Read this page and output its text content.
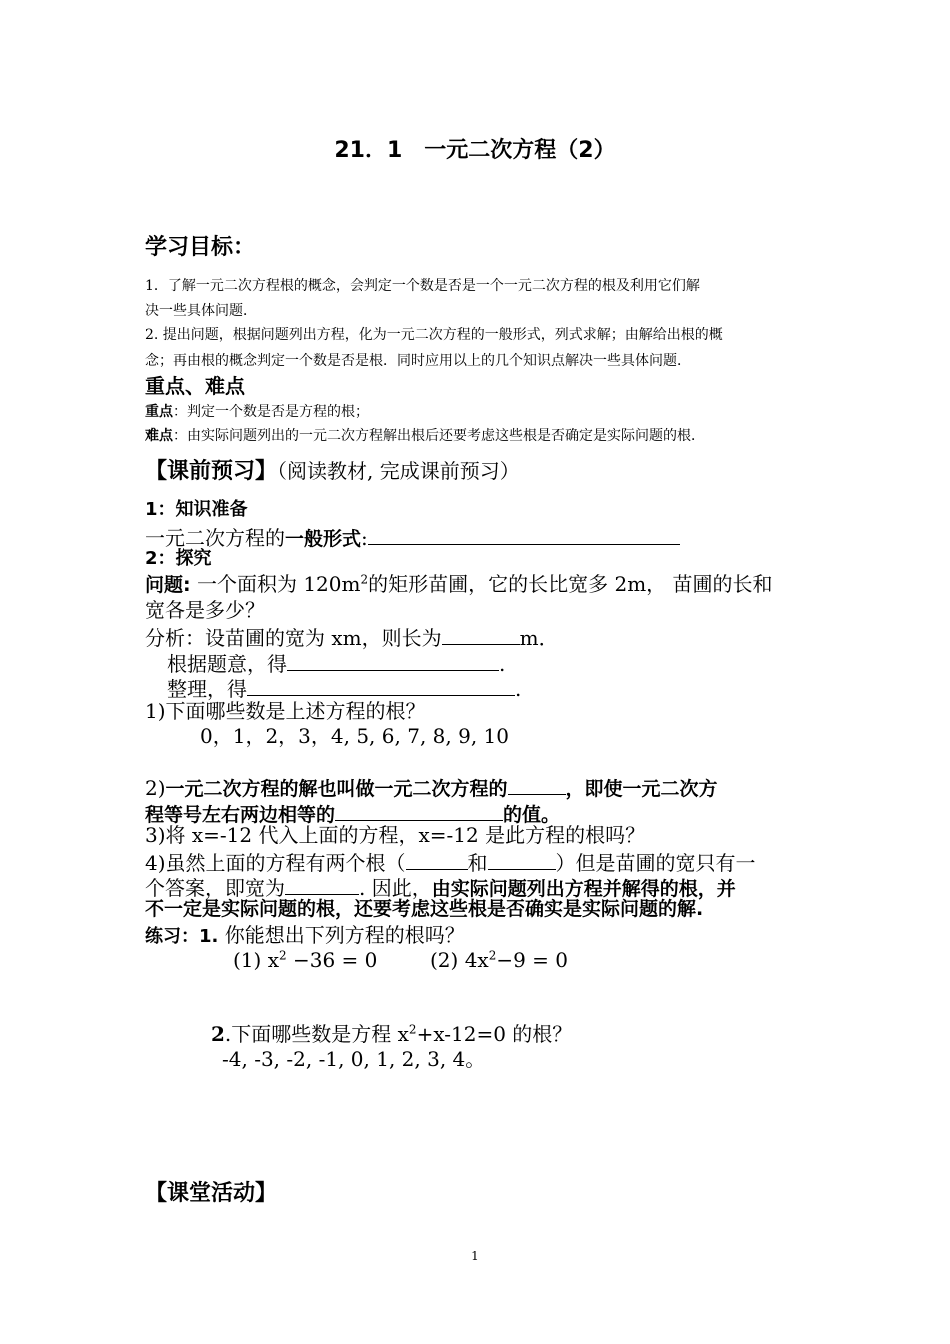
21．1　一元二次方程（2）
学习目标：
1．了解一元二次方程根的概念，会判定一个数是否是一个一元二次方程的根及利用它们解
决一些具体问题．
2. 提出问题，根据问题列出方程，化为一元二次方程的一般形式，列式求解；由解给出根的概
念；再由根的概念判定一个数是否是根．同时应用以上的几个知识点解决一些具体问题．
重点、难点
重点：判定一个数是否是方程的根；
难点：由实际问题列出的一元二次方程解出根后还要考虑这些根是否确定是实际问题的根．
【课前预习】（阅读教材, 完成课前预习）
1：知识准备
一元二次方程的一般形式:
2：探究
问题: 一个面积为 $120m^2$的矩形苗圃，它的长比宽多 2m， 苗圃的长和
宽各是多少？
分析：设苗圃的宽为 xm，则长为	m．
根据题意，得	.
整理，得	.
1)下面哪些数是上述方程的根？
0，1，2，3，4, 5, 6, 7, 8, 9, 10
2)一元二次方程的解也叫做一元二次方程的	，即使一元二次方
程等号左右两边相等的	的值。
3)将 x=-12 代入上面的方程，x=-12 是此方程的根吗？
4)虽然上面的方程有两个根（	和	）但是苗圃的宽只有一
个答案，即宽为	. 因此，由实际问题列出方程并解得的根，并
不一定是实际问题的根，还要考虑这些根是否确实是实际问题的解.
练习：1. 你能想出下列方程的根吗？
(1) $x^2 -36 = 0$	(2) $4x^2-9 = 0$
2.下面哪些数是方程 $x^2+x-12=0$ 的根？
-4, -3, -2, -1, 0, 1, 2, 3, 4。
【课堂活动】
1
